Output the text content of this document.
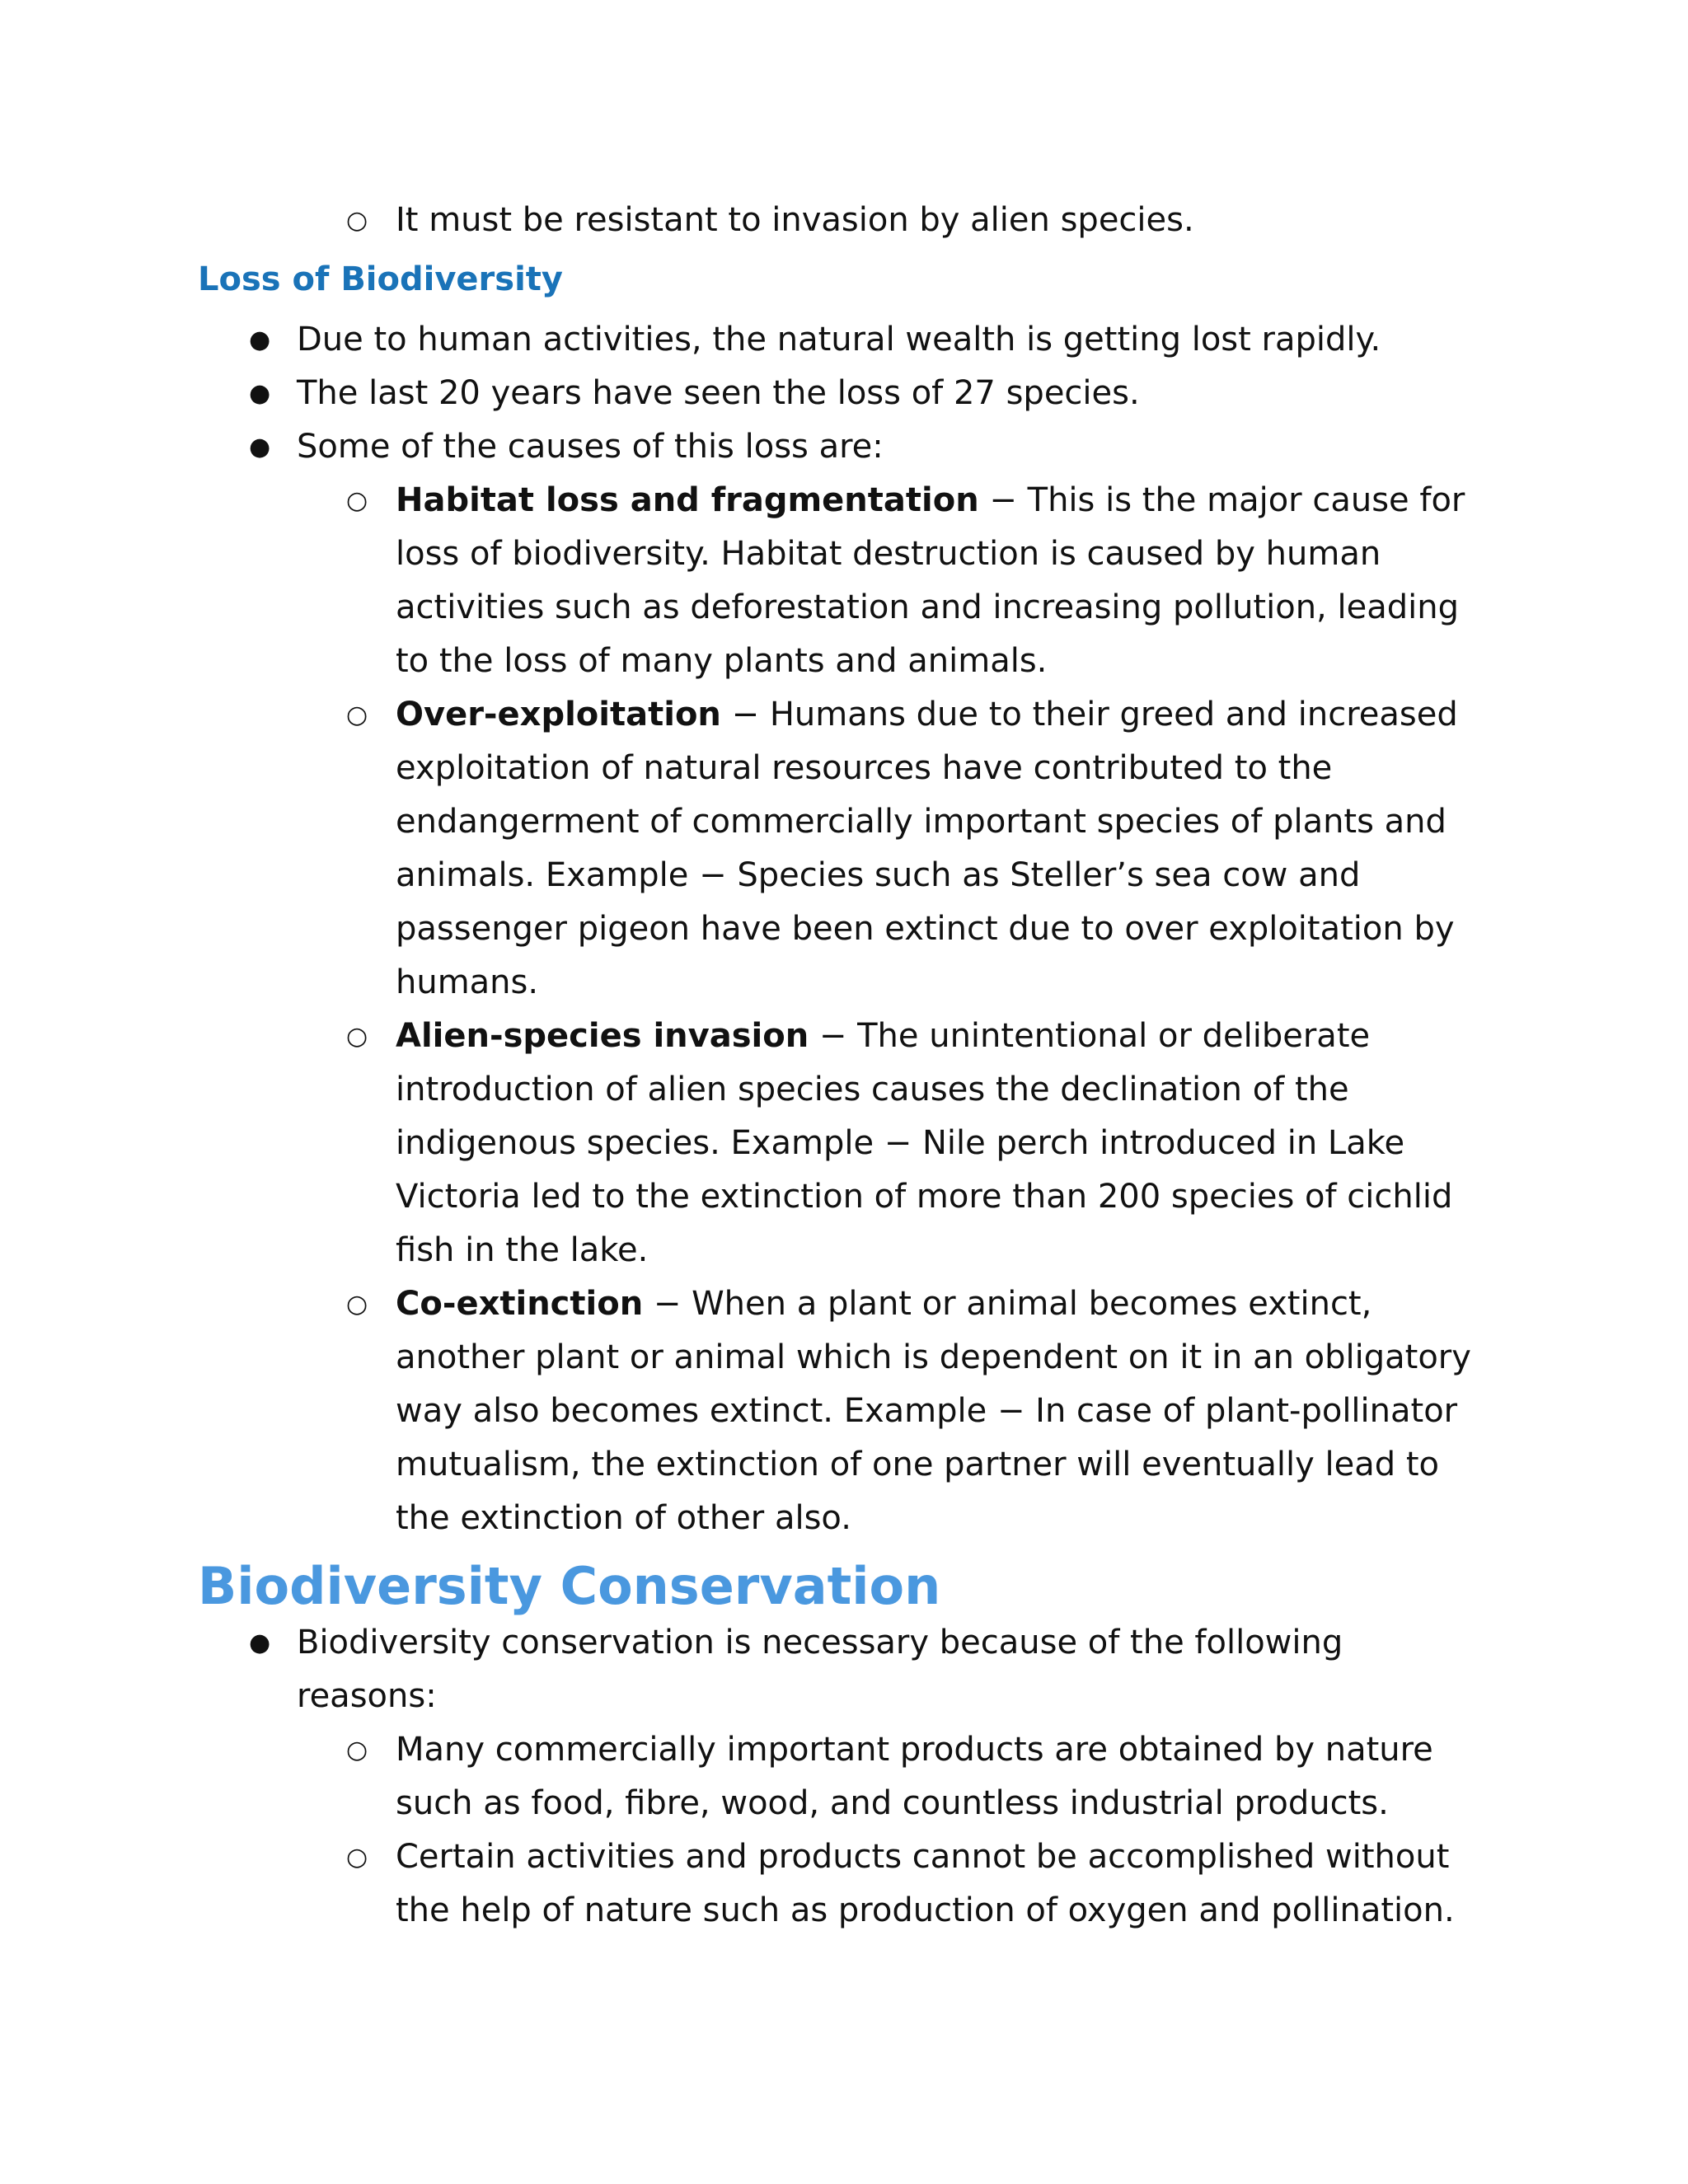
○ It must be resistant to invasion by alien species.
Loss of Biodiversity
● Due to human activities, the natural wealth is getting lost rapidly.
● The last 20 years have seen the loss of 27 species.
● Some of the causes of this loss are:
○ Habitat loss and fragmentation − This is the major cause for loss of biodiversity. Habitat destruction is caused by human activities such as deforestation and increasing pollution, leading to the loss of many plants and animals.
○ Over-exploitation − Humans due to their greed and increased exploitation of natural resources have contributed to the endangerment of commercially important species of plants and animals. Example − Species such as Steller’s sea cow and passenger pigeon have been extinct due to over exploitation by humans.
○ Alien-species invasion − The unintentional or deliberate introduction of alien species causes the declination of the indigenous species. Example − Nile perch introduced in Lake Victoria led to the extinction of more than 200 species of cichlid fish in the lake.
○ Co-extinction − When a plant or animal becomes extinct, another plant or animal which is dependent on it in an obligatory way also becomes extinct. Example − In case of plant-pollinator mutualism, the extinction of one partner will eventually lead to the extinction of other also.
Biodiversity Conservation
● Biodiversity conservation is necessary because of the following reasons:
○ Many commercially important products are obtained by nature such as food, fibre, wood, and countless industrial products.
○ Certain activities and products cannot be accomplished without the help of nature such as production of oxygen and pollination.
